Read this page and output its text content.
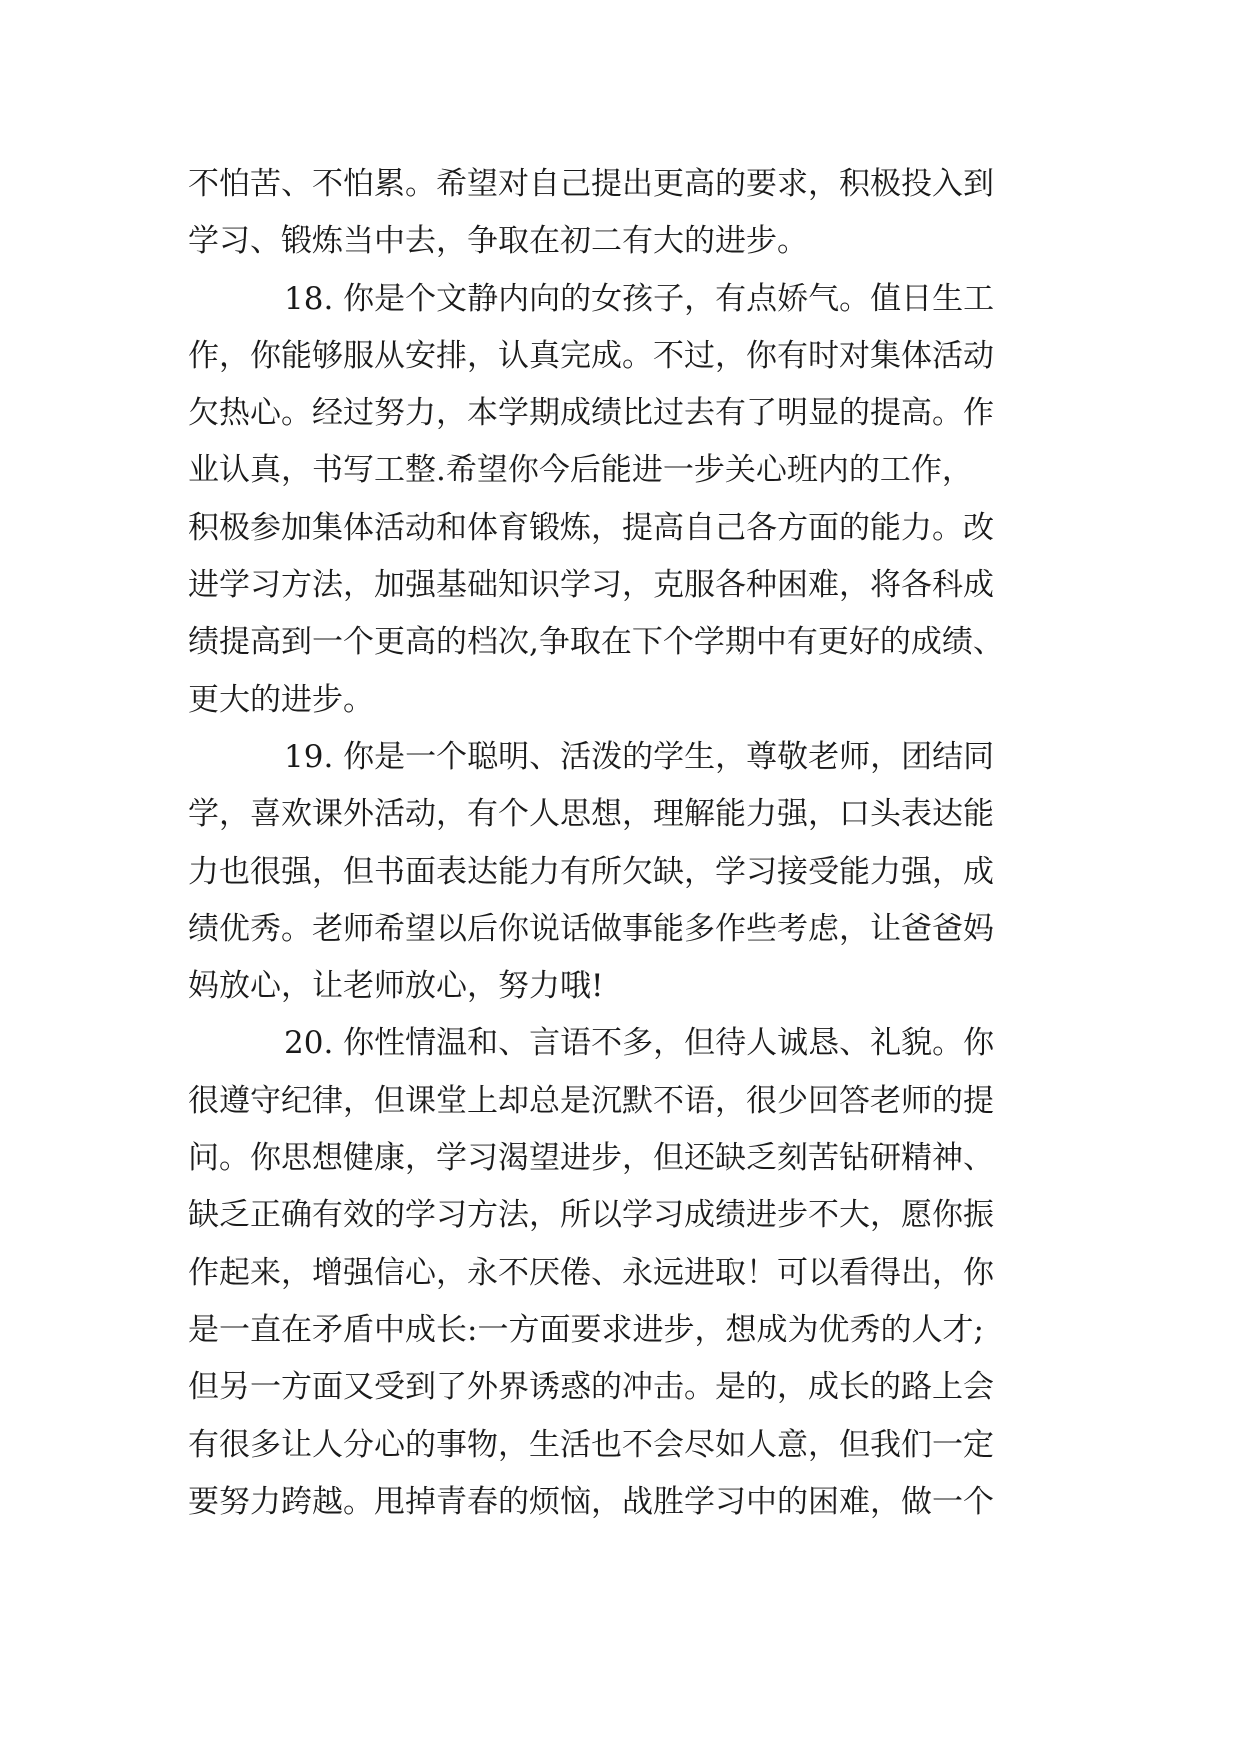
不怕苦、不怕累。希望对自己提出更高的要求，积极投入到
学习、锻炼当中去，争取在初二有大的进步。
18. 你是个文静内向的女孩子，有点娇气。值日生工
作，你能够服从安排，认真完成。不过，你有时对集体活动
欠热心。经过努力，本学期成绩比过去有了明显的提高。作
业认真，书写工整.希望你今后能进一步关心班内的工作，
积极参加集体活动和体育锻炼，提高自己各方面的能力。改
进学习方法，加强基础知识学习，克服各种困难，将各科成
绩提高到一个更高的档次,争取在下个学期中有更好的成绩、
更大的进步。
19. 你是一个聪明、活泼的学生，尊敬老师，团结同
学，喜欢课外活动，有个人思想，理解能力强，口头表达能
力也很强，但书面表达能力有所欠缺，学习接受能力强，成
绩优秀。老师希望以后你说话做事能多作些考虑，让爸爸妈
妈放心，让老师放心，努力哦!
20. 你性情温和、言语不多，但待人诚恳、礼貌。你
很遵守纪律，但课堂上却总是沉默不语，很少回答老师的提
问。你思想健康，学习渴望进步，但还缺乏刻苦钻研精神、
缺乏正确有效的学习方法，所以学习成绩进步不大，愿你振
作起来，增强信心，永不厌倦、永远进取！可以看得出，你
是一直在矛盾中成长:一方面要求进步，想成为优秀的人才;
但另一方面又受到了外界诱惑的冲击。是的，成长的路上会
有很多让人分心的事物，生活也不会尽如人意，但我们一定
要努力跨越。甩掉青春的烦恼，战胜学习中的困难，做一个
